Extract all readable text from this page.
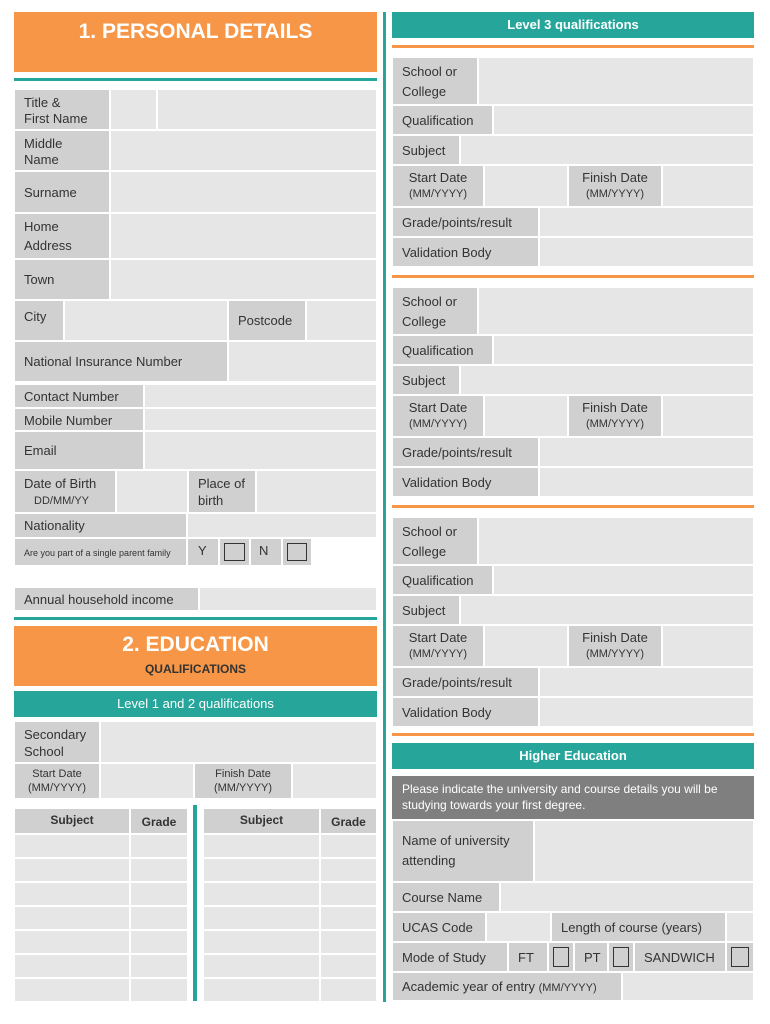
1. PERSONAL DETAILS
Title &
First Name
Middle
Name
Surname
Home
Address
Town
City	Postcode
National Insurance Number
Contact Number
Mobile Number
Email
Date of Birth
DD/MM/YY
Place of
birth
Nationality
Are you part of a single parent family	Y	N
Annual household income
2. EDUCATION
QUALIFICATIONS
Level 1 and 2 qualifications
Secondary
School
Start Date
(MM/YYYY)
Finish Date
(MM/YYYY)
Subject	Grade	Subject	Grade
Level 3 qualifications
School or
College
Qualification
Subject
Start Date
(MM/YYYY)
Finish Date
(MM/YYYY)
Grade/points/result
Validation Body
School or
College
Qualification
Subject
Start Date
(MM/YYYY)
Finish Date
(MM/YYYY)
Grade/points/result
Validation Body
School or
College
Qualification
Subject
Start Date
(MM/YYYY)
Finish Date
(MM/YYYY)
Grade/points/result
Validation Body
Higher Education
Please indicate the university and course details you will be studying towards your first degree.
Name of university
attending
Course Name
UCAS Code	Length of course (years)
Mode of Study	FT	PT	SANDWICH
Academic year of entry (MM/YYYY)
